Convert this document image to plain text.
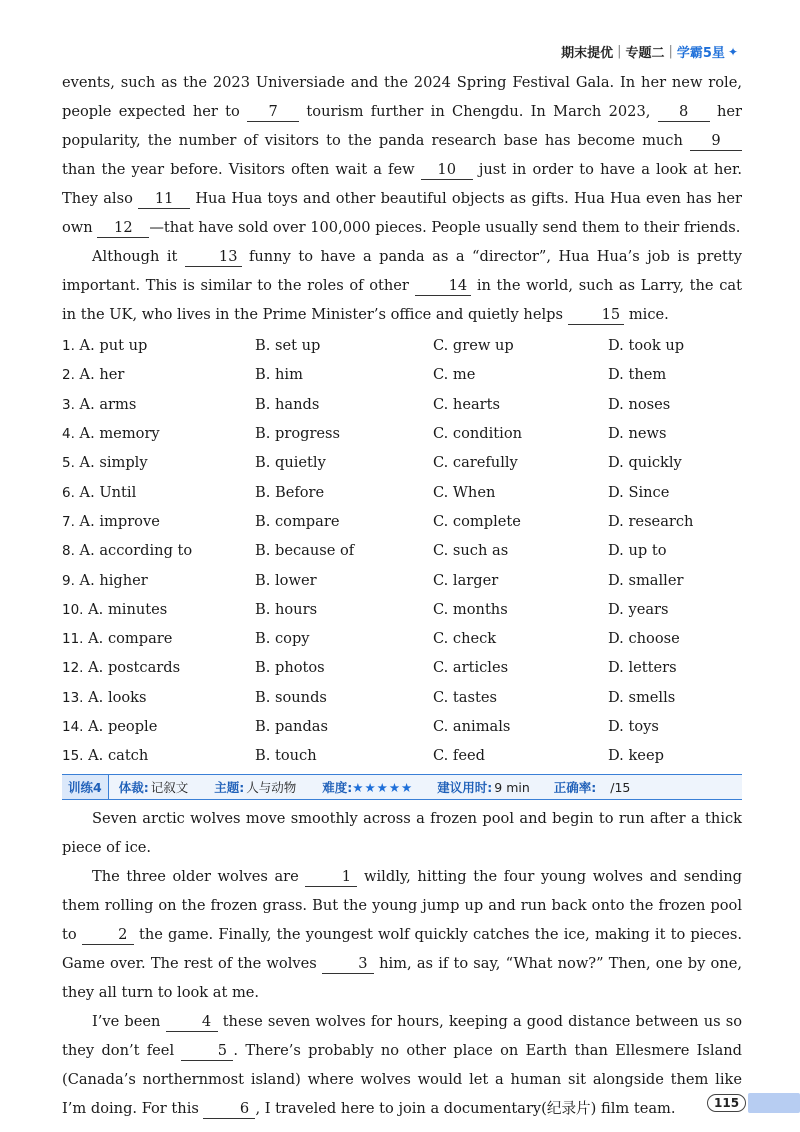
期末提优 | 专题二 | 学霸5星 ✦

events, such as the 2023 Universiade and the 2024 Spring Festival Gala. In her new role, people expected her to 7 tourism further in Chengdu. In March 2023, 8 her popularity, the number of visitors to the panda research base has become much 9 than the year before. Visitors often wait a few 10 just in order to have a look at her. They also 11 Hua Hua toys and other beautiful objects as gifts. Hua Hua even has her own 12 —that have sold over 100,000 pieces. People usually send them to their friends.

Although it 13 funny to have a panda as a “director”, Hua Hua’s job is pretty important. This is similar to the roles of other 14 in the world, such as Larry, the cat in the UK, who lives in the Prime Minister’s office and quietly helps 15 mice.

1. A. put up	B. set up	C. grew up	D. took up
2. A. her	B. him	C. me	D. them
3. A. arms	B. hands	C. hearts	D. noses
4. A. memory	B. progress	C. condition	D. news
5. A. simply	B. quietly	C. carefully	D. quickly
6. A. Until	B. Before	C. When	D. Since
7. A. improve	B. compare	C. complete	D. research
8. A. according to	B. because of	C. such as	D. up to
9. A. higher	B. lower	C. larger	D. smaller
10. A. minutes	B. hours	C. months	D. years
11. A. compare	B. copy	C. check	D. choose
12. A. postcards	B. photos	C. articles	D. letters
13. A. looks	B. sounds	C. tastes	D. smells
14. A. people	B. pandas	C. animals	D. toys
15. A. catch	B. touch	C. feed	D. keep
训练4	体裁: 记叙文 主题: 人与动物 难度: ★★★★★ 建议用时: 9 min 正确率: /15

Seven arctic wolves move smoothly across a frozen pool and begin to run after a thick piece of ice.

The three older wolves are 1 wildly, hitting the four young wolves and sending them rolling on the frozen grass. But the young jump up and run back onto the frozen pool to 2 the game. Finally, the youngest wolf quickly catches the ice, making it to pieces. Game over. The rest of the wolves 3 him, as if to say, “What now?” Then, one by one, they all turn to look at me.

I’ve been 4 these seven wolves for hours, keeping a good distance between us so they don’t feel 5 . There’s probably no other place on Earth than Ellesmere Island (Canada’s northernmost island) where wolves would let a human sit alongside them like I’m doing. For this 6 , I traveled here to join a documentary(纪录片) film team.	115
